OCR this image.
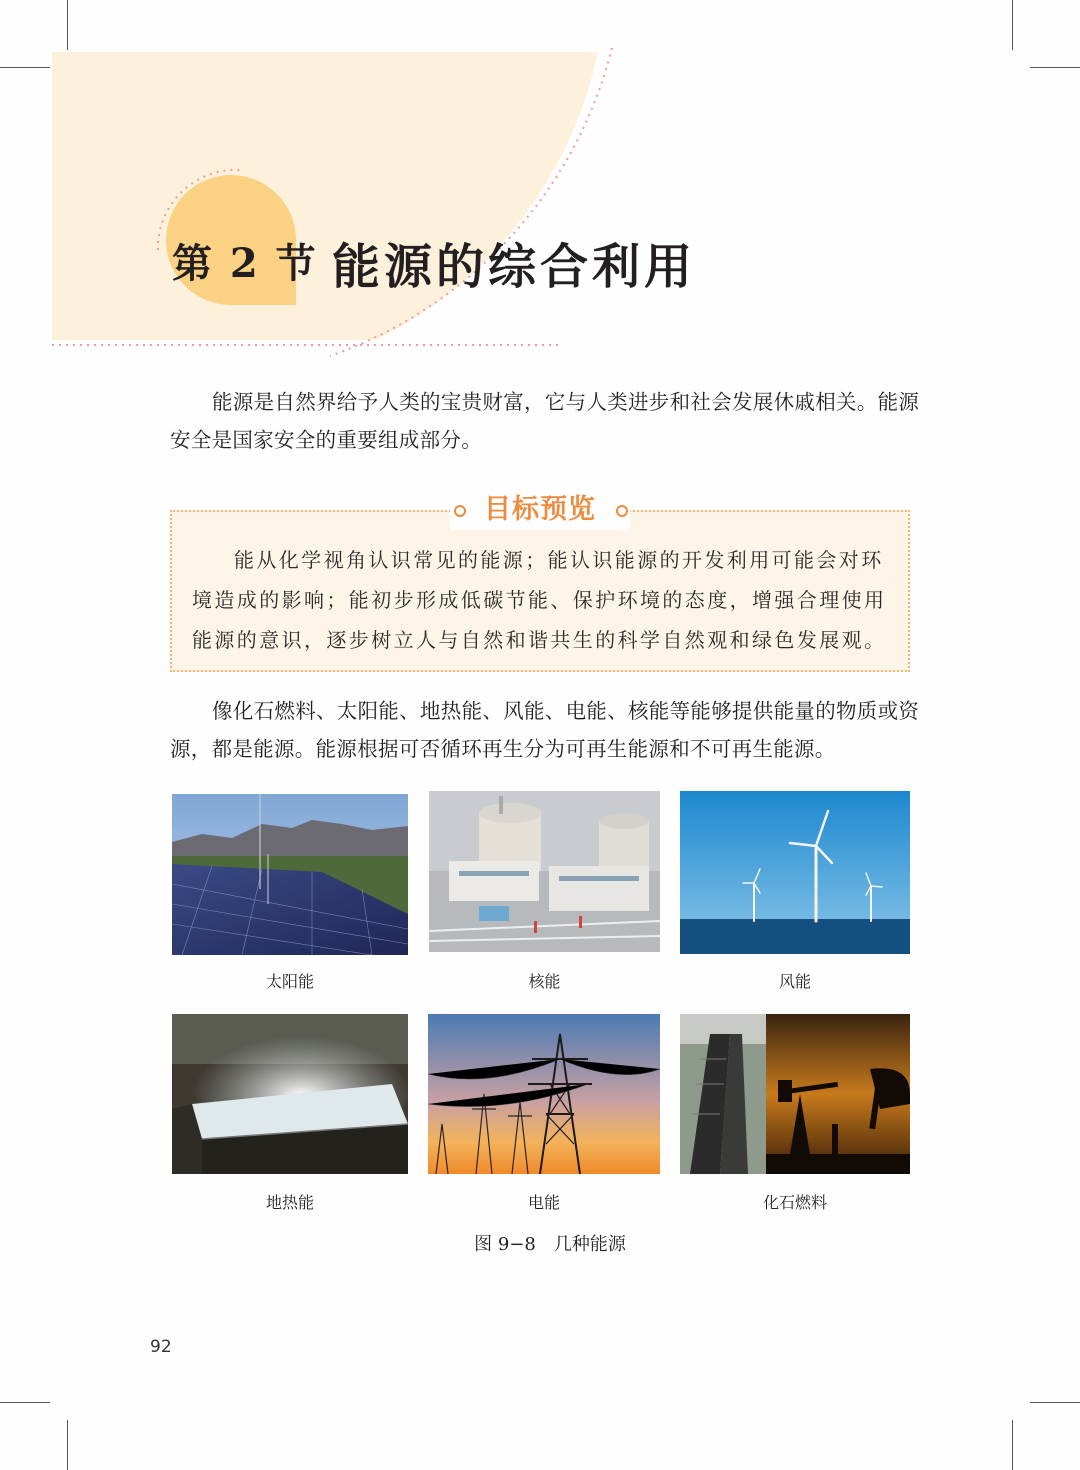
第 2 节 能源的综合利用

能源是自然界给予人类的宝贵财富，它与人类进步和社会发展休戚相关。能源安全是国家安全的重要组成部分。

目标预览

能从化学视角认识常见的能源；能认识能源的开发利用可能会对环境造成的影响；能初步形成低碳节能、保护环境的态度，增强合理使用能源的意识，逐步树立人与自然和谐共生的科学自然观和绿色发展观。

像化石燃料、太阳能、地热能、风能、电能、核能等能够提供能量的物质或资源，都是能源。能源根据可否循环再生分为可再生能源和不可再生能源。

太阳能	核能	风能
地热能	电能	化石燃料
图 9−8　几种能源
92
